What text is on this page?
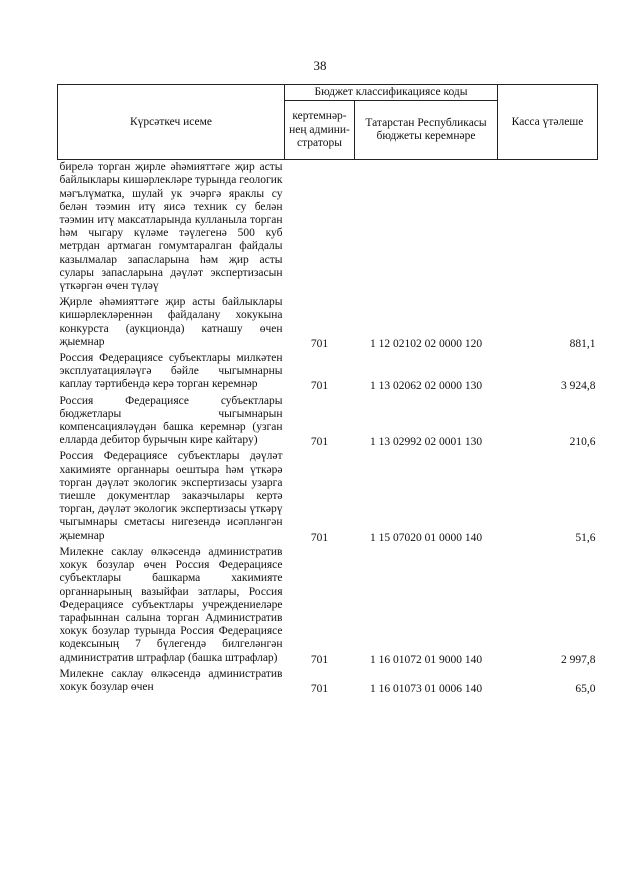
38
Күрсәткеч исеме	Бюджет классификациясе коды		Касса үтәлеше
	кертемнәр-нең админи-страторы	Татарстан Республикасы бюджеты керемнәре	
бирелә торган җирле әһәмияттәге җир асты байлыклары кишәрлекләре турында геологик мәгълүматка, шулай ук эчәргә яраклы су белән тәэмин итү яисә техник су белән тәэмин итү максатларында кулланыла торган һәм чыгару күләме тәүлегенә 500 куб метрдан артмаган гомумтаралган файдалы казылмалар запасларына һәм җир асты сулары запасларына дәүләт экспертизасын үткәргән өчен түләү			
Җирле әһәмияттәге җир асты байлыклары кишәрлекләреннән файдалану хокукына конкурста (аукционда) катнашу өчен җыемнар	701	1 12 02102 02 0000 120	881,1
Россия Федерациясе субъектлары милкәтен эксплуатацияләүгә бәйле чыгымнарны каплау тәртибендә керә торган керемнәр	701	1 13 02062 02 0000 130	3 924,8
Россия Федерациясе субъектлары бюджетлары чыгымнарын компенсацияләүдән башка керемнәр (узган елларда дебитор бурычын кире кайтару)	701	1 13 02992 02 0001 130	210,6
Россия Федерациясе субъектлары дәүләт хакимияте органнары оештыра һәм үткәрә торган дәүләт экологик экспертизасы узарга тиешле документлар заказчылары кертә торган, дәүләт экологик экспертизасы үткәрү чыгымнары сметасы нигезендә исәпләнгән җыемнар	701	1 15 07020 01 0000 140	51,6
Милекне саклау өлкәсендә административ хокук бозулар өчен Россия Федерациясе субъектлары башкарма хакимияте органнарының вазыйфаи затлары, Россия Федерациясе субъектлары учреждениеләре тарафыннан салына торган Административ хокук бозулар турында Россия Федерациясе кодексының 7 бүлегендә билгеләнгән административ штрафлар (башка штрафлар)	701	1 16 01072 01 9000 140	2 997,8
Милекне саклау өлкәсендә административ хокук бозулар өчен	701	1 16 01073 01 0006 140	65,0
